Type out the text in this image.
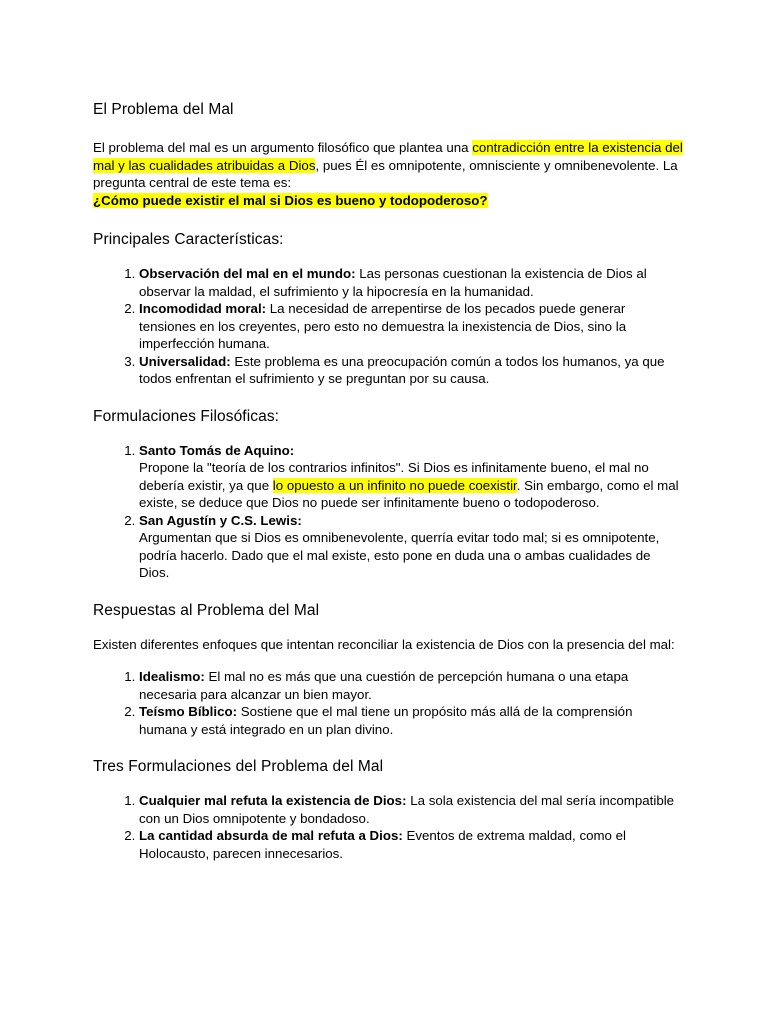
El Problema del Mal

El problema del mal es un argumento filosófico que plantea una contradicción entre la existencia del mal y las cualidades atribuidas a Dios, pues Él es omnipotente, omnisciente y omnibenevolente. La pregunta central de este tema es:

¿Cómo puede existir el mal si Dios es bueno y todopoderoso?

Principales Características:
1. Observación del mal en el mundo: Las personas cuestionan la existencia de Dios al observar la maldad, el sufrimiento y la hipocresía en la humanidad.
2. Incomodidad moral: La necesidad de arrepentirse de los pecados puede generar tensiones en los creyentes, pero esto no demuestra la inexistencia de Dios, sino la imperfección humana.
3. Universalidad: Este problema es una preocupación común a todos los humanos, ya que todos enfrentan el sufrimiento y se preguntan por su causa.
Formulaciones Filosóficas:
1. Santo Tomás de Aquino:
Propone la "teoría de los contrarios infinitos". Si Dios es infinitamente bueno, el mal no debería existir, ya que lo opuesto a un infinito no puede coexistir. Sin embargo, como el mal existe, se deduce que Dios no puede ser infinitamente bueno o todopoderoso.
2. San Agustín y C.S. Lewis:
Argumentan que si Dios es omnibenevolente, querría evitar todo mal; si es omnipotente, podría hacerlo. Dado que el mal existe, esto pone en duda una o ambas cualidades de Dios.
Respuestas al Problema del Mal

Existen diferentes enfoques que intentan reconciliar la existencia de Dios con la presencia del mal:

1. Idealismo: El mal no es más que una cuestión de percepción humana o una etapa necesaria para alcanzar un bien mayor.
2. Teísmo Bíblico: Sostiene que el mal tiene un propósito más allá de la comprensión humana y está integrado en un plan divino.
Tres Formulaciones del Problema del Mal
1. Cualquier mal refuta la existencia de Dios: La sola existencia del mal sería incompatible con un Dios omnipotente y bondadoso.
2. La cantidad absurda de mal refuta a Dios: Eventos de extrema maldad, como el Holocausto, parecen innecesarios.
